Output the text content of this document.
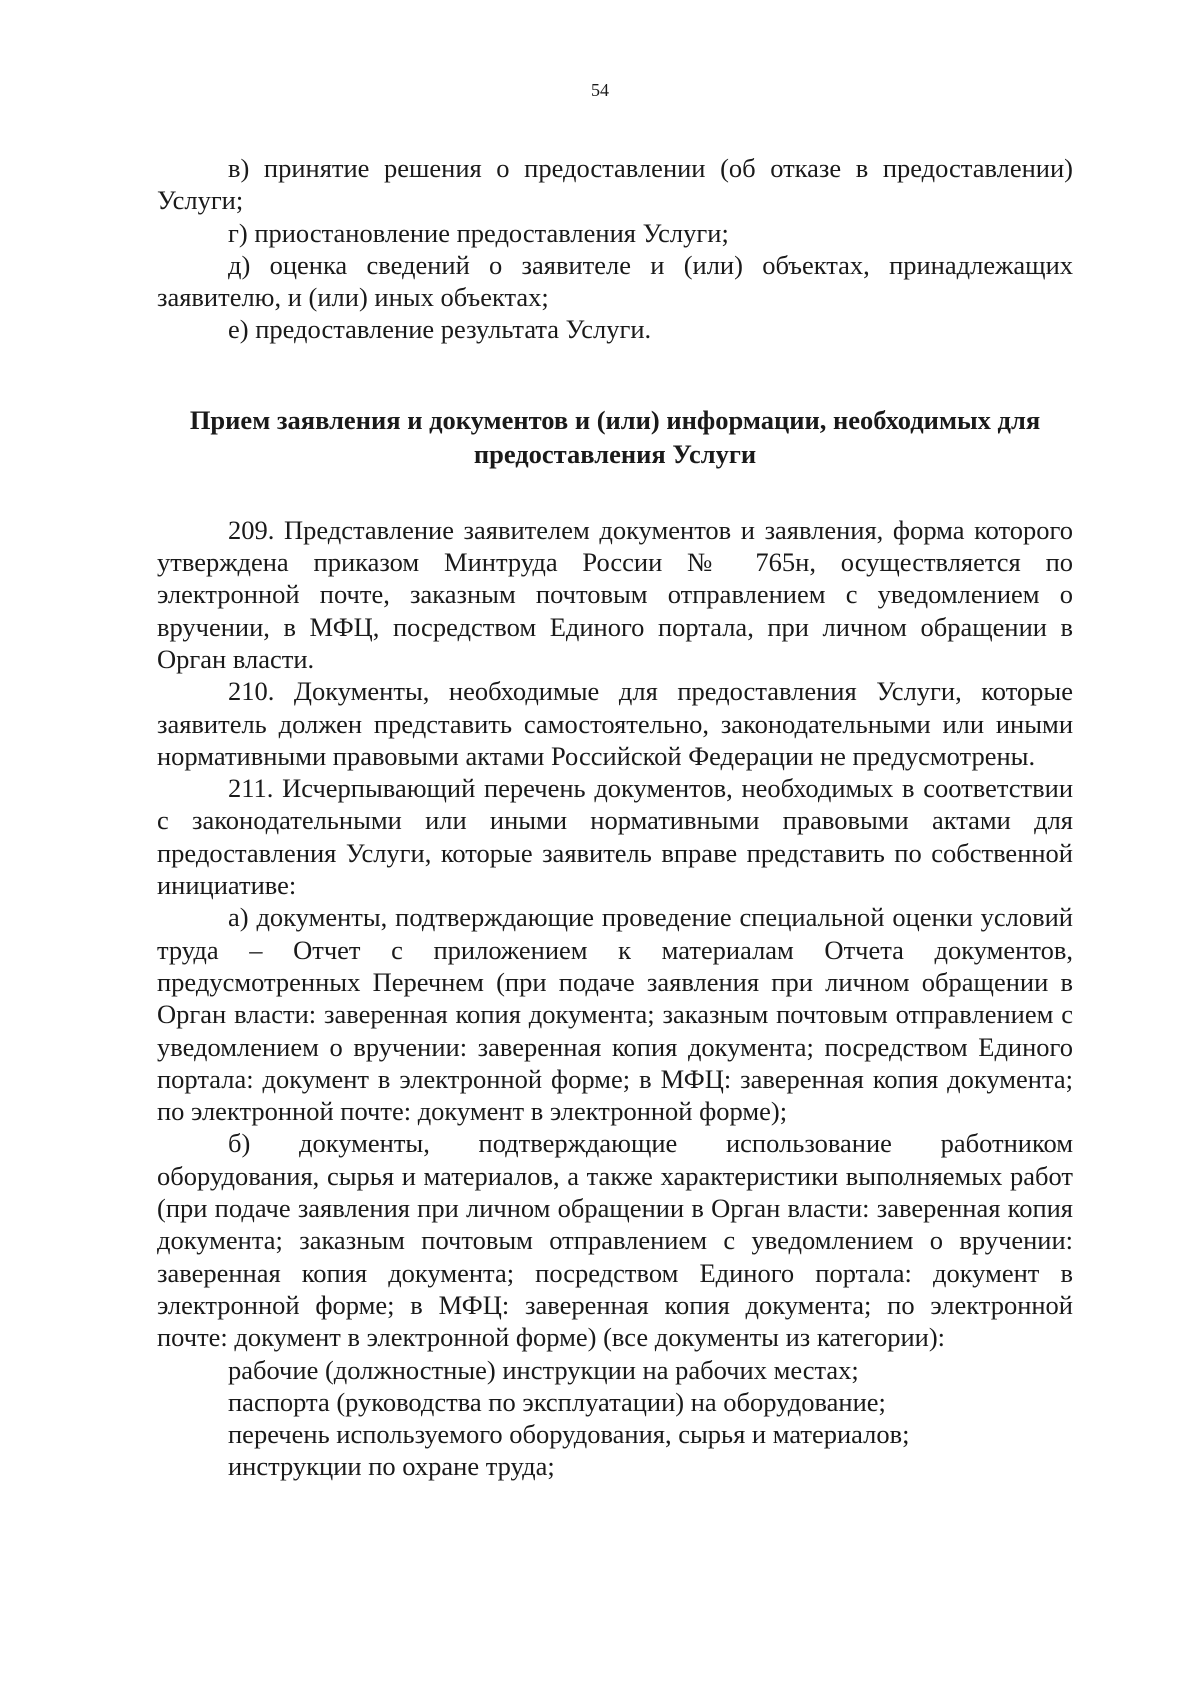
54

в) принятие решения о предоставлении (об отказе в предоставлении) Услуги;

г) приостановление предоставления Услуги;

д) оценка сведений о заявителе и (или) объектах, принадлежащих заявителю, и (или) иных объектах;

е) предоставление результата Услуги.

Прием заявления и документов и (или) информации, необходимых для предоставления Услуги

209. Представление заявителем документов и заявления, форма которого утверждена приказом Минтруда России № 765н, осуществляется по электронной почте, заказным почтовым отправлением с уведомлением о вручении, в МФЦ, посредством Единого портала, при личном обращении в Орган власти.

210. Документы, необходимые для предоставления Услуги, которые заявитель должен представить самостоятельно, законодательными или иными нормативными правовыми актами Российской Федерации не предусмотрены.

211. Исчерпывающий перечень документов, необходимых в соответствии с законодательными или иными нормативными правовыми актами для предоставления Услуги, которые заявитель вправе представить по собственной инициативе:

а) документы, подтверждающие проведение специальной оценки условий труда – Отчет с приложением к материалам Отчета документов, предусмотренных Перечнем (при подаче заявления при личном обращении в Орган власти: заверенная копия документа; заказным почтовым отправлением с уведомлением о вручении: заверенная копия документа; посредством Единого портала: документ в электронной форме; в МФЦ: заверенная копия документа; по электронной почте: документ в электронной форме);

б) документы, подтверждающие использование работником оборудования, сырья и материалов, а также характеристики выполняемых работ (при подаче заявления при личном обращении в Орган власти: заверенная копия документа; заказным почтовым отправлением с уведомлением о вручении: заверенная копия документа; посредством Единого портала: документ в электронной форме; в МФЦ: заверенная копия документа; по электронной почте: документ в электронной форме) (все документы из категории):

рабочие (должностные) инструкции на рабочих местах;

паспорта (руководства по эксплуатации) на оборудование;

перечень используемого оборудования, сырья и материалов;

инструкции по охране труда;
